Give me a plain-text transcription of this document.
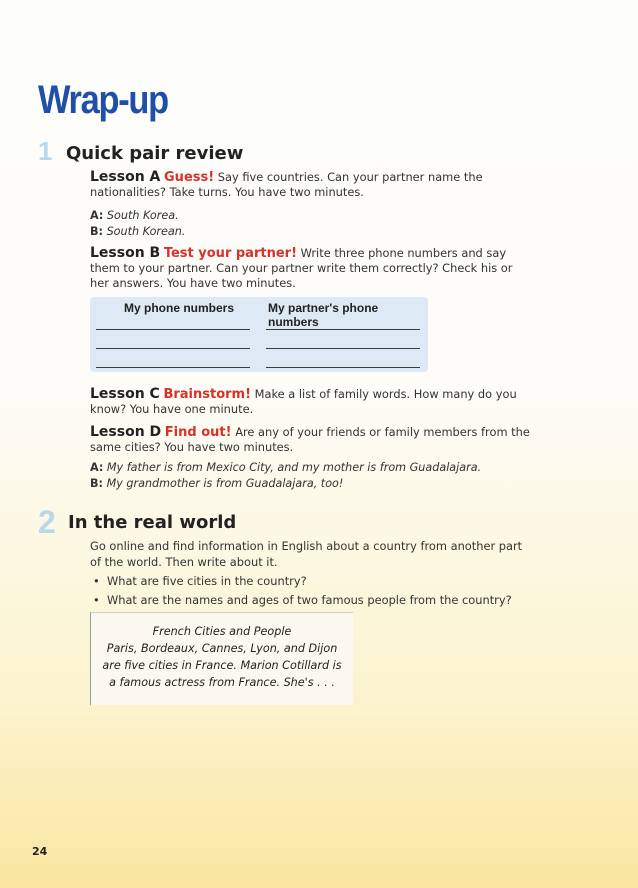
Wrap-up
1 Quick pair review
Lesson A Guess! Say five countries. Can your partner name the nationalities? Take turns. You have two minutes.
A: South Korea.
B: South Korean.
Lesson B Test your partner! Write three phone numbers and say them to your partner. Can your partner write them correctly? Check his or her answers. You have two minutes.
My phone numbers	My partner's phone numbers
Lesson C Brainstorm! Make a list of family words. How many do you know? You have one minute.
Lesson D Find out! Are any of your friends or family members from the same cities? You have two minutes.
A: My father is from Mexico City, and my mother is from Guadalajara.
B: My grandmother is from Guadalajara, too!
2 In the real world
Go online and find information in English about a country from another part of the world. Then write about it.
•  What are five cities in the country?
•  What are the names and ages of two famous people from the country?
French Cities and People
Paris, Bordeaux, Cannes, Lyon, and Dijon
are five cities in France. Marion Cotillard is
a famous actress from France. She's . . .
24
